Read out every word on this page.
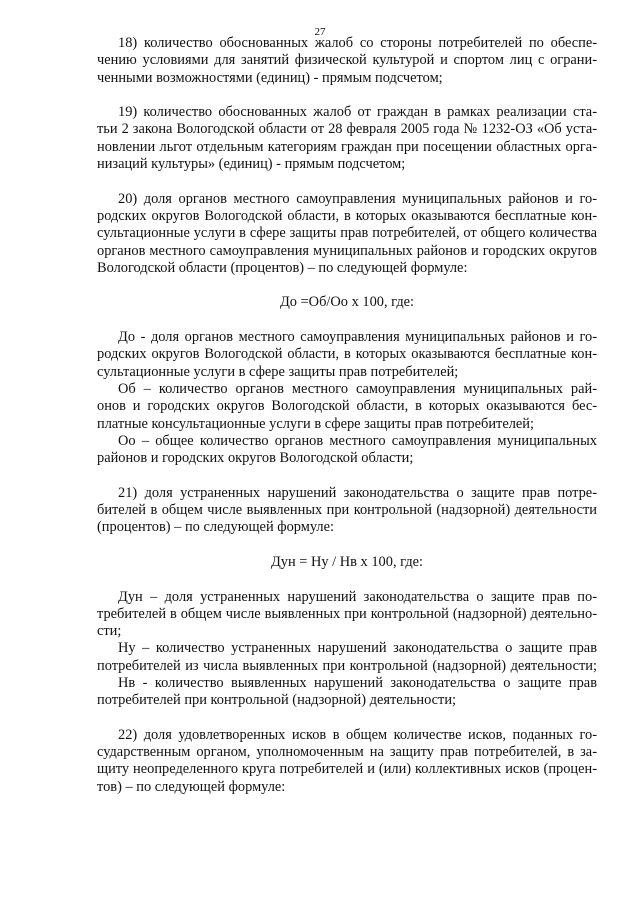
27
18) количество обоснованных жалоб со стороны потребителей по обеспе-
чению условиями для занятий физической культурой и спортом лиц с ограни-
ченными возможностями (единиц) - прямым подсчетом;
19) количество обоснованных жалоб от граждан в рамках реализации ста-
тьи 2 закона Вологодской области от 28 февраля 2005 года № 1232-ОЗ «Об уста-
новлении льгот отдельным категориям граждан при посещении областных орга-
низаций культуры» (единиц) - прямым подсчетом;
20) доля органов местного самоуправления муниципальных районов и го-
родских округов Вологодской области, в которых оказываются бесплатные кон-
сультационные услуги в сфере защиты прав потребителей, от общего количества
органов местного самоуправления муниципальных районов и городских округов
Вологодской области (процентов) – по следующей формуле:
До =Об/Оо х 100, где:
До - доля органов местного самоуправления муниципальных районов и го-
родских округов Вологодской области, в которых оказываются бесплатные кон-
сультационные услуги в сфере защиты прав потребителей;
Об – количество органов местного самоуправления муниципальных рай-
онов и городских округов Вологодской области, в которых оказываются бес-
платные консультационные услуги в сфере защиты прав потребителей;
Оо – общее количество органов местного самоуправления муниципальных
районов и городских округов Вологодской области;
21) доля устраненных нарушений законодательства о защите прав потре-
бителей в общем числе выявленных при контрольной (надзорной) деятельности
(процентов) – по следующей формуле:
Дун = Ну / Нв х 100, где:
Дун – доля устраненных нарушений законодательства о защите прав по-
требителей в общем числе выявленных при контрольной (надзорной) деятельно-
сти;
Ну – количество устраненных нарушений законодательства о защите прав
потребителей из числа выявленных при контрольной (надзорной) деятельности;
Нв - количество выявленных нарушений законодательства о защите прав
потребителей при контрольной (надзорной) деятельности;
22) доля удовлетворенных исков в общем количестве исков, поданных го-
сударственным органом, уполномоченным на защиту прав потребителей, в за-
щиту неопределенного круга потребителей и (или) коллективных исков (процен-
тов) – по следующей формуле:
